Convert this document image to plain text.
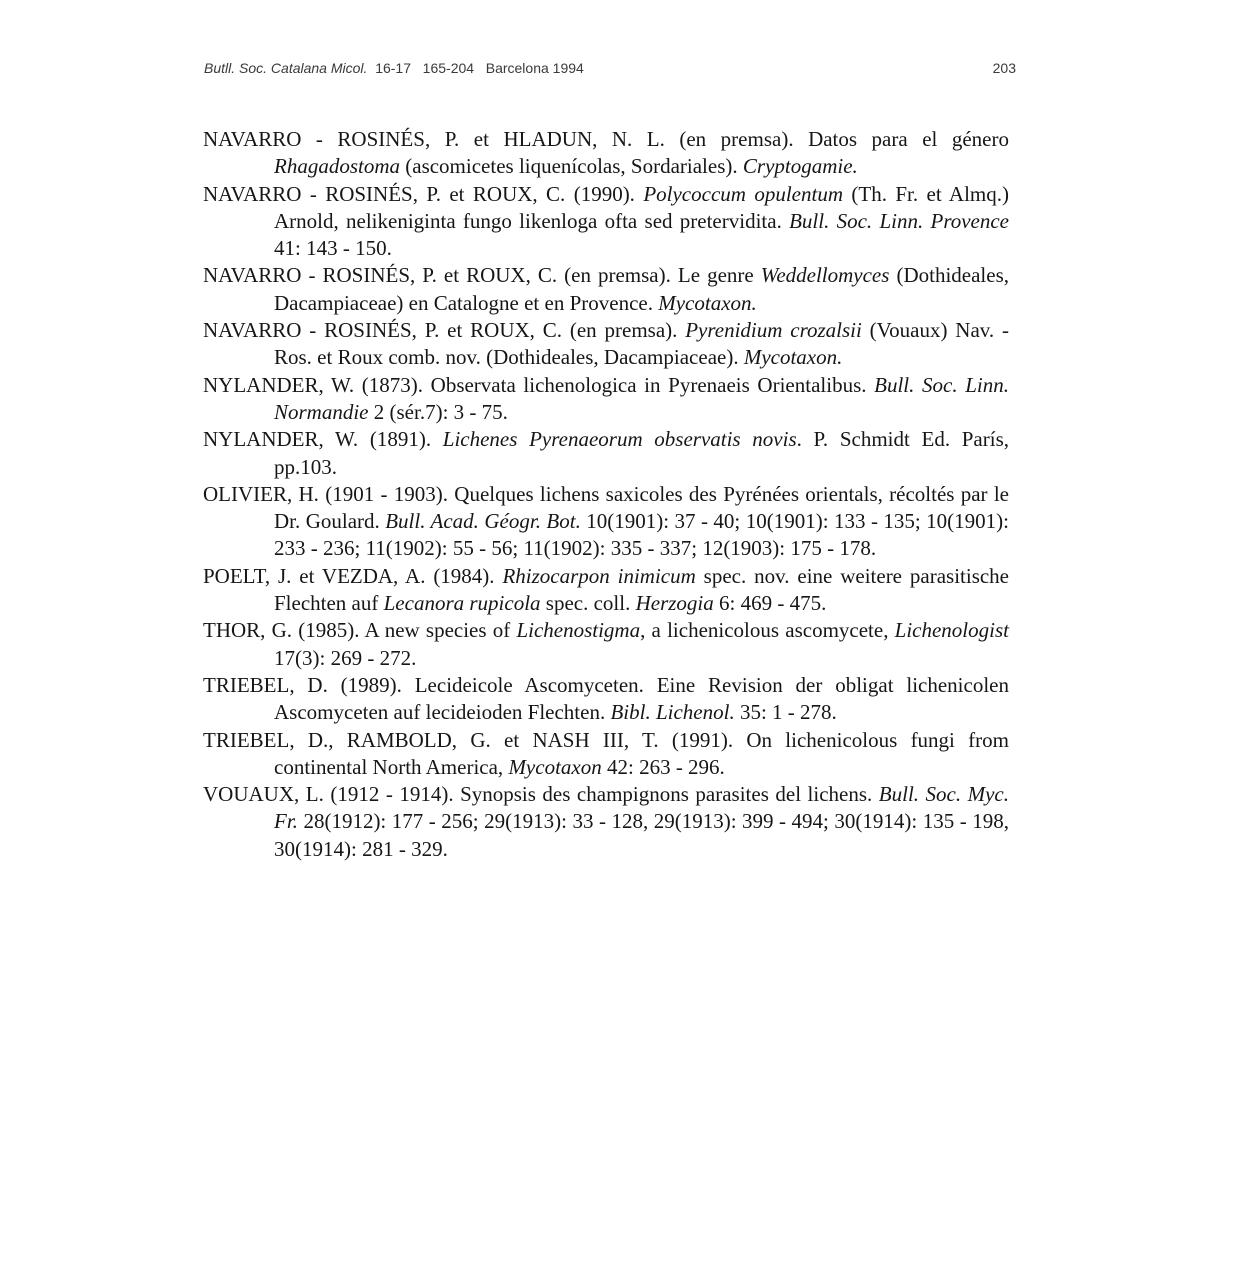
Butll. Soc. Catalana Micol. 16-17 165-204 Barcelona 1994	203
NAVARRO - ROSINÉS, P. et HLADUN, N. L. (en premsa). Datos para el género Rhagadostoma (ascomicetes liquenícolas, Sordariales). Cryptogamie.
NAVARRO - ROSINÉS, P. et ROUX, C. (1990). Polycoccum opulentum (Th. Fr. et Almq.) Arnold, nelikeniginta fungo likenloga ofta sed pretervidita. Bull. Soc. Linn. Provence 41: 143 - 150.
NAVARRO - ROSINÉS, P. et ROUX, C. (en premsa). Le genre Weddellomyces (Dothideales, Dacampiaceae) en Catalogne et en Provence. Mycotaxon.
NAVARRO - ROSINÉS, P. et ROUX, C. (en premsa). Pyrenidium crozalsii (Vouaux) Nav. - Ros. et Roux comb. nov. (Dothideales, Dacampiaceae). Mycotaxon.
NYLANDER, W. (1873). Observata lichenologica in Pyrenaeis Orientalibus. Bull. Soc. Linn. Normandie 2 (sér.7): 3 - 75.
NYLANDER, W. (1891). Lichenes Pyrenaeorum observatis novis. P. Schmidt Ed. París, pp.103.
OLIVIER, H. (1901 - 1903). Quelques lichens saxicoles des Pyrénées orientals, récoltés par le Dr. Goulard. Bull. Acad. Géogr. Bot. 10(1901): 37 - 40; 10(1901): 133 - 135; 10(1901): 233 - 236; 11(1902): 55 - 56; 11(1902): 335 - 337; 12(1903): 175 - 178.
POELT, J. et VEZDA, A. (1984). Rhizocarpon inimicum spec. nov. eine weitere parasitische Flechten auf Lecanora rupicola spec. coll. Herzogia 6: 469 - 475.
THOR, G. (1985). A new species of Lichenostigma, a lichenicolous ascomycete, Lichenologist 17(3): 269 - 272.
TRIEBEL, D. (1989). Lecideicole Ascomyceten. Eine Revision der obligat lichenicolen Ascomyceten auf lecideioden Flechten. Bibl. Lichenol. 35: 1 - 278.
TRIEBEL, D., RAMBOLD, G. et NASH III, T. (1991). On lichenicolous fungi from continental North America, Mycotaxon 42: 263 - 296.
VOUAUX, L. (1912 - 1914). Synopsis des champignons parasites del lichens. Bull. Soc. Myc. Fr. 28(1912): 177 - 256; 29(1913): 33 - 128, 29(1913): 399 - 494; 30(1914): 135 - 198, 30(1914): 281 - 329.
